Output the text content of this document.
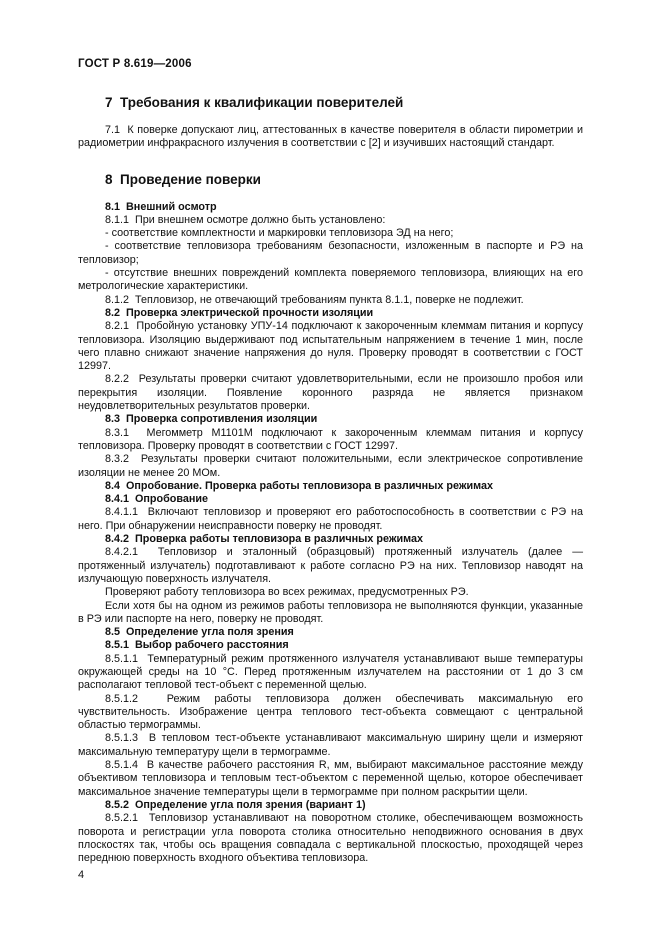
ГОСТ Р 8.619—2006
7  Требования к квалификации поверителей

7.1  К поверке допускают лиц, аттестованных в качестве поверителя в области пирометрии и радиометрии инфракрасного излучения в соответствии с [2] и изучивших настоящий стандарт.

8  Проведение поверки
8.1  Внешний осмотр

8.1.1  При внешнем осмотре должно быть установлено:

- соответствие комплектности и маркировки тепловизора ЭД на него;

- соответствие тепловизора требованиям безопасности, изложенным в паспорте и РЭ на тепловизор;

- отсутствие внешних повреждений комплекта поверяемого тепловизора, влияющих на его метрологические характеристики.

8.1.2  Тепловизор, не отвечающий требованиям пункта 8.1.1, поверке не подлежит.

8.2  Проверка электрической прочности изоляции

8.2.1  Пробойную установку УПУ-14 подключают к закороченным клеммам питания и корпусу тепловизора. Изоляцию выдерживают под испытательным напряжением в течение 1 мин, после чего плавно снижают значение напряжения до нуля. Проверку проводят в соответствии с ГОСТ 12997.

8.2.2  Результаты проверки считают удовлетворительными, если не произошло пробоя или перекрытия изоляции. Появление коронного разряда не является признаком неудовлетворительных результатов проверки.

8.3  Проверка сопротивления изоляции

8.3.1  Мегомметр М1101М подключают к закороченным клеммам питания и корпусу тепловизора. Проверку проводят в соответствии с ГОСТ 12997.

8.3.2  Результаты проверки считают положительными, если электрическое сопротивление изоляции не менее 20 МОм.

8.4  Опробование. Проверка работы тепловизора в различных режимах
8.4.1  Опробование

8.4.1.1  Включают тепловизор и проверяют его работоспособность в соответствии с РЭ на него. При обнаружении неисправности поверку не проводят.

8.4.2  Проверка работы тепловизора в различных режимах

8.4.2.1  Тепловизор и эталонный (образцовый) протяженный излучатель (далее — протяженный излучатель) подготавливают к работе согласно РЭ на них. Тепловизор наводят на излучающую поверхность излучателя.

Проверяют работу тепловизора во всех режимах, предусмотренных РЭ.

Если хотя бы на одном из режимов работы тепловизора не выполняются функции, указанные в РЭ или паспорте на него, поверку не проводят.

8.5  Определение угла поля зрения
8.5.1  Выбор рабочего расстояния

8.5.1.1  Температурный режим протяженного излучателя устанавливают выше температуры окружающей среды на 10 °С. Перед протяженным излучателем на расстоянии от 1 до 3 см располагают тепловой тест-объект с переменной щелью.

8.5.1.2  Режим работы тепловизора должен обеспечивать максимальную его чувствительность. Изображение центра теплового тест-объекта совмещают с центральной областью термограммы.

8.5.1.3  В тепловом тест-объекте устанавливают максимальную ширину щели и измеряют максимальную температуру щели в термограмме.

8.5.1.4  В качестве рабочего расстояния R, мм, выбирают максимальное расстояние между объективом тепловизора и тепловым тест-объектом с переменной щелью, которое обеспечивает максимальное значение температуры щели в термограмме при полном раскрытии щели.

8.5.2  Определение угла поля зрения (вариант 1)

8.5.2.1  Тепловизор устанавливают на поворотном столике, обеспечивающем возможность поворота и регистрации угла поворота столика относительно неподвижного основания в двух плоскостях так, чтобы ось вращения совпадала с вертикальной плоскостью, проходящей через переднюю поверхность входного объектива тепловизора.

4
